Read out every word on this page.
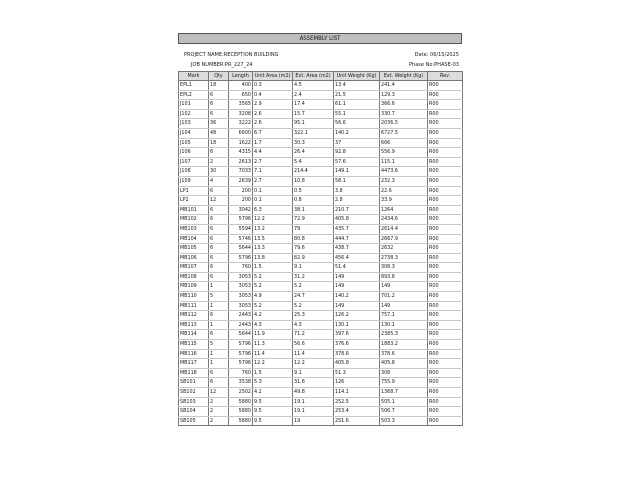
ASSEMBLY LIST
PROJECT NAME:RECEPTION BUILDING
JOB NUMBER:PR_227_24
Date: 06/15/2025
Phase No:PHASE-03
Mark	Qty	Length	Unit Area (m2)	Ext. Area (m2)	Unit Weight (Kg)	Ext. Weight (Kg)	Rev.
EPL1	18	400	0.3	4.5	13.4	241.4	R00
EPL2	6	650	0.4	2.4	21.5	129.3	R00
J101	6	3565	2.9	17.4	61.1	366.6	R00
J102	6	3208	2.6	15.7	55.1	330.7	R00
J103	36	3222	2.6	95.1	56.6	2036.5	R00
J104	48	6600	6.7	322.1	140.2	6727.5	R00
J105	18	1622	1.7	30.3	37	666	R00
J106	6	4315	4.4	26.4	92.8	556.9	R00
J107	2	2613	2.7	5.4	57.6	115.1	R00
J108	30	7033	7.1	214.4	149.1	4473.6	R00
J109	4	2639	2.7	10.8	58.1	232.3	R00
LP1	6	200	0.1	0.5	3.8	22.6	R00
LP2	12	200	0.1	0.8	2.8	33.9	R00
MB101	6	3042	6.3	38.1	210.7	1264	R00
MB102	6	5796	12.2	72.9	405.8	2434.6	R00
MB103	6	5594	13.2	79	435.7	2614.4	R00
MB104	6	5746	13.5	80.8	444.7	2667.9	R00
MB105	6	5644	13.3	79.6	438.7	2632	R00
MB106	6	5796	13.8	82.9	456.4	2738.3	R00
MB107	6	760	1.5	9.1	51.4	308.3	R00
MB108	6	3053	5.2	31.2	149	893.8	R00
MB109	1	3053	5.2	5.2	149	149	R00
MB110	5	3053	4.9	24.7	140.2	701.2	R00
MB111	1	3053	5.2	5.2	149	149	R00
MB112	6	2443	4.2	25.3	126.2	757.1	R00
MB113	1	2443	4.3	4.3	130.1	130.1	R00
MB114	6	5644	11.9	71.2	397.6	2385.3	R00
MB115	5	5796	11.3	56.6	376.6	1883.2	R00
MB116	1	5796	11.4	11.4	378.6	378.6	R00
MB117	1	5796	12.2	12.2	405.8	405.8	R00
MB118	6	760	1.5	9.1	51.3	308	R00
SB101	6	3538	5.3	31.8	126	755.9	R00
SB102	12	2502	4.2	49.8	114.1	1368.7	R00
SB103	2	5880	9.5	19.1	252.5	505.1	R00
SB104	2	5880	9.5	19.1	253.4	506.7	R00
SB105	2	5880	9.5	19	251.6	503.3	R00
